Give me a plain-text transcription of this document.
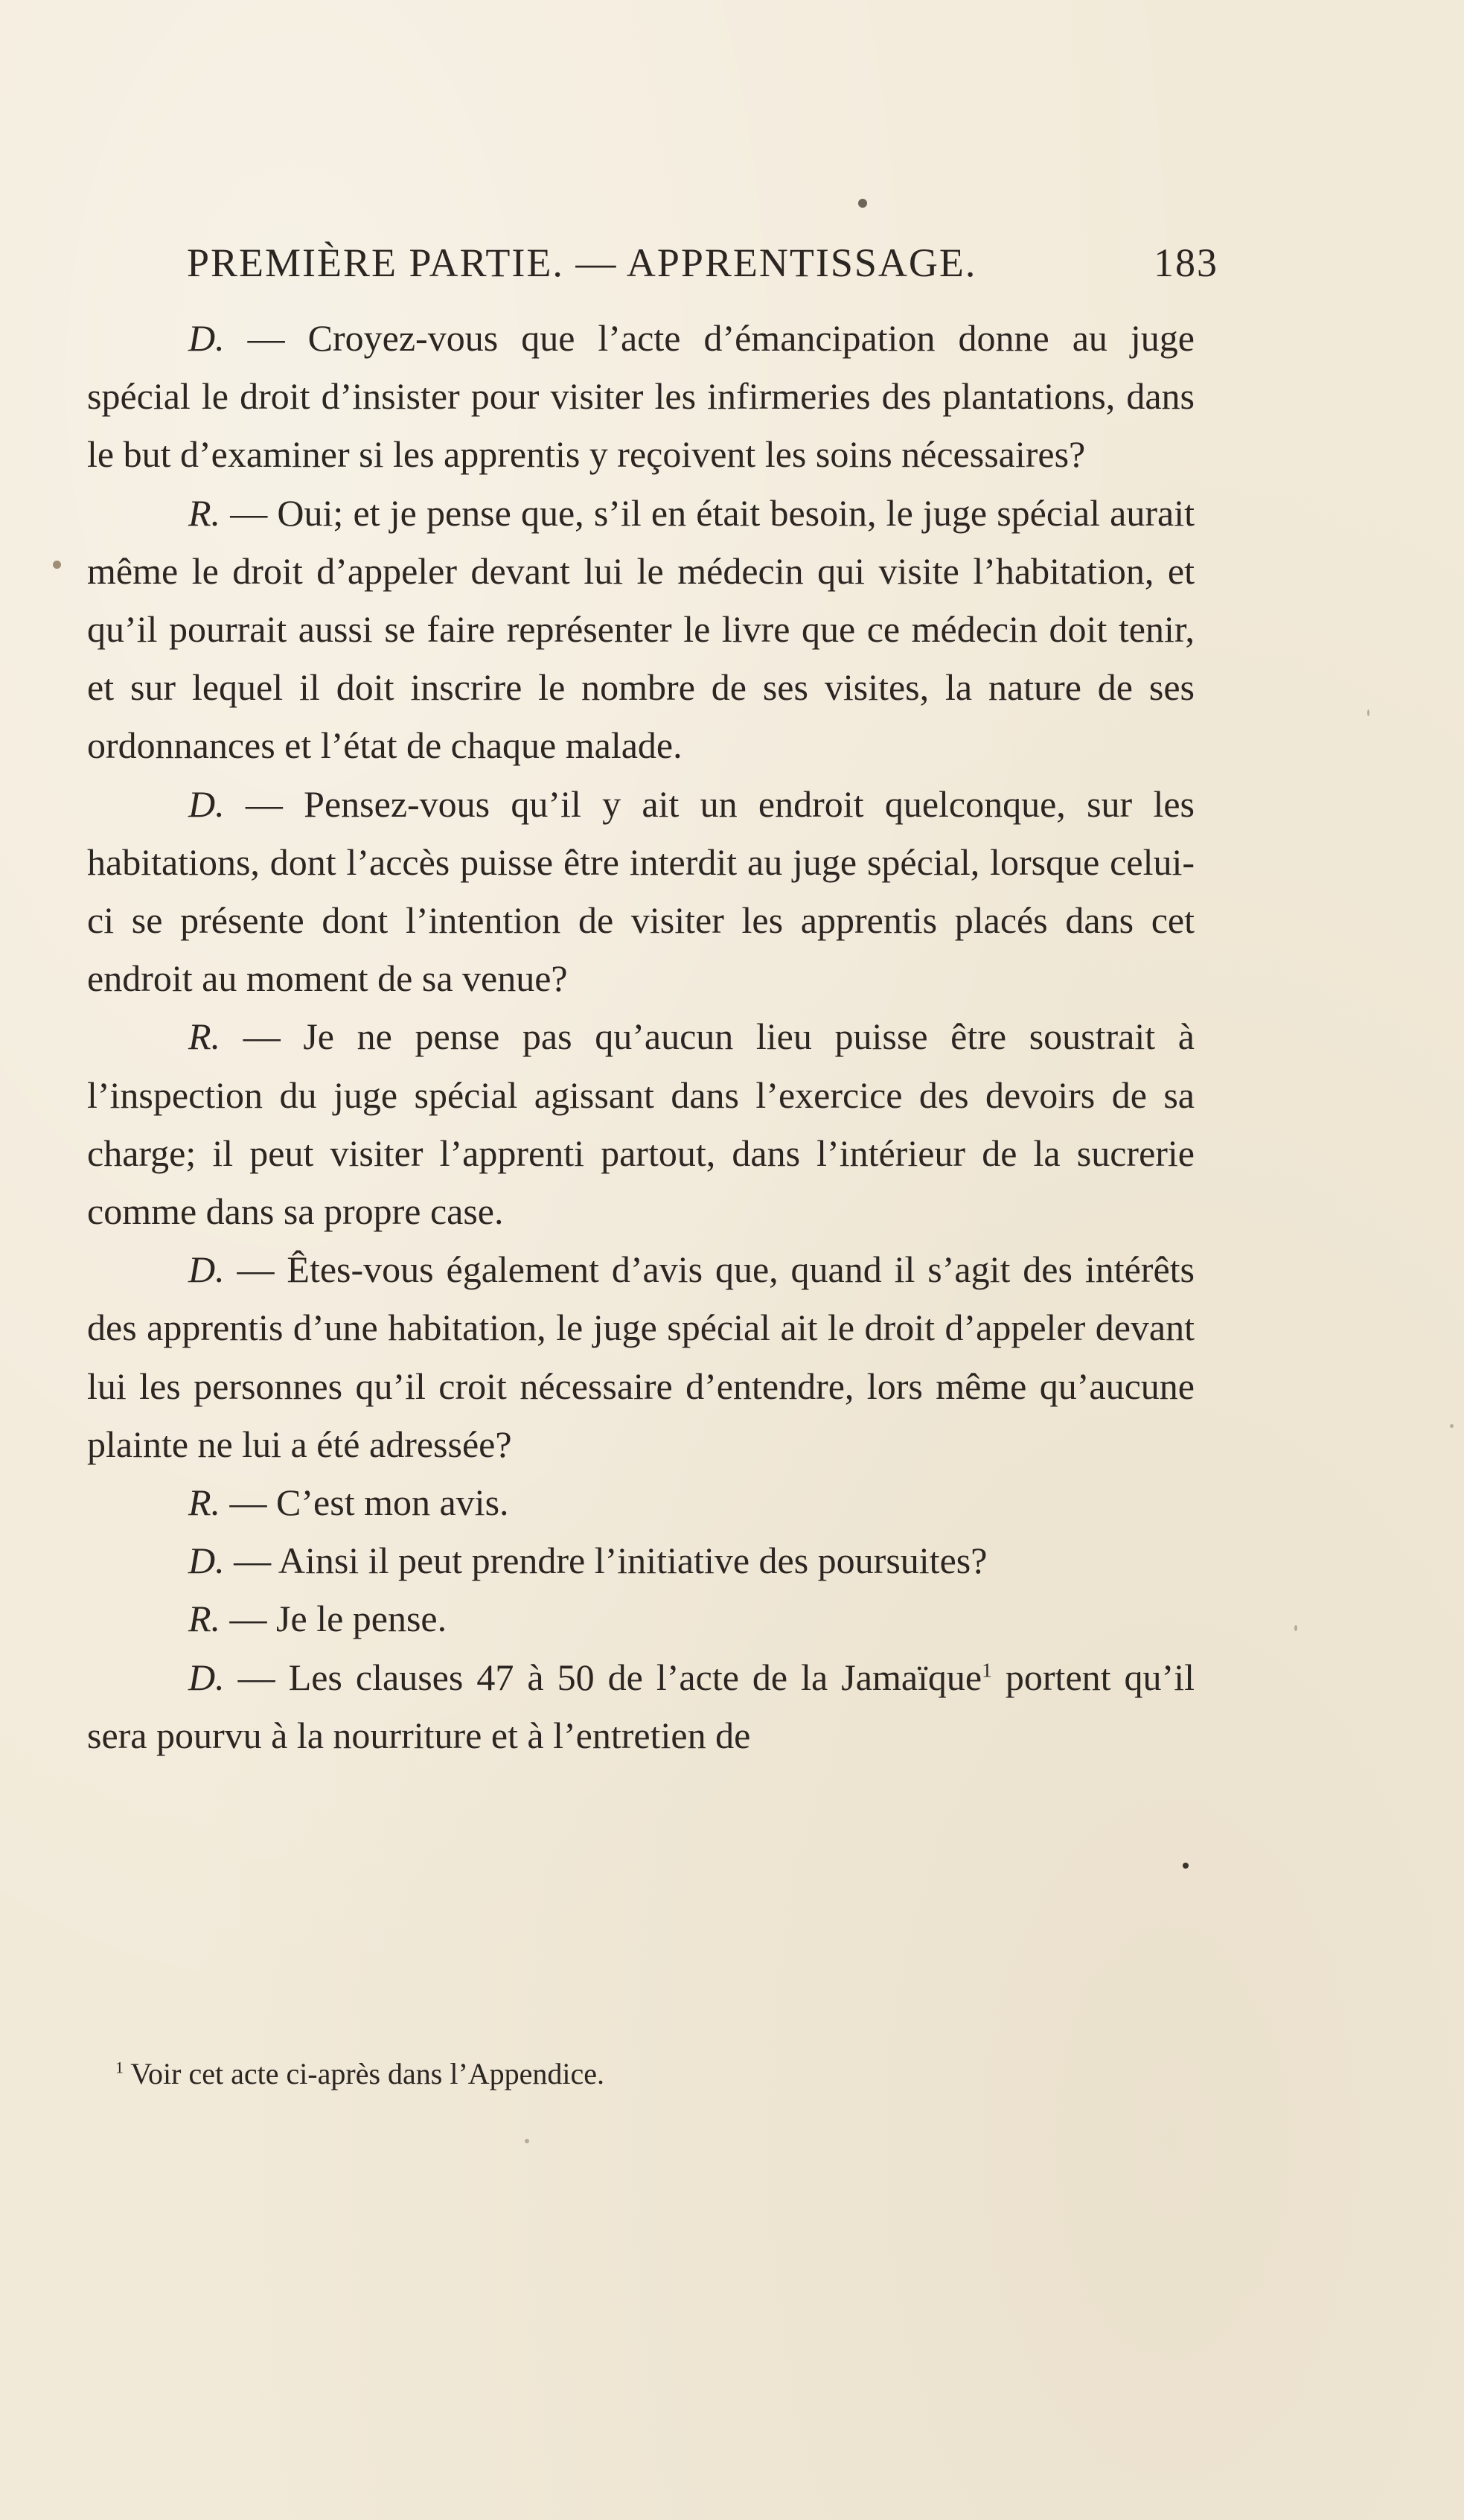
PREMIÈRE PARTIE. — APPRENTISSAGE.	183

D. — Croyez-vous que l’acte d’émancipation donne au juge spécial le droit d’insister pour visiter les infirmeries des plantations, dans le but d’examiner si les apprentis y reçoivent les soins nécessaires?

R. — Oui; et je pense que, s’il en était besoin, le juge spécial aurait même le droit d’appeler devant lui le médecin qui visite l’habitation, et qu’il pourrait aussi se faire représenter le livre que ce médecin doit tenir, et sur lequel il doit inscrire le nombre de ses visites, la nature de ses ordonnances et l’état de chaque malade.

D. — Pensez-vous qu’il y ait un endroit quelconque, sur les habitations, dont l’accès puisse être interdit au juge spécial, lorsque celui-ci se présente dont l’intention de visiter les apprentis placés dans cet endroit au moment de sa venue?

R. — Je ne pense pas qu’aucun lieu puisse être soustrait à l’inspection du juge spécial agissant dans l’exercice des devoirs de sa charge; il peut visiter l’apprenti partout, dans l’intérieur de la sucrerie comme dans sa propre case.

D. — Êtes-vous également d’avis que, quand il s’agit des intérêts des apprentis d’une habitation, le juge spécial ait le droit d’appeler devant lui les personnes qu’il croit nécessaire d’entendre, lors même qu’aucune plainte ne lui a été adressée?

R. — C’est mon avis.

D. — Ainsi il peut prendre l’initiative des poursuites?

R. — Je le pense.

D. — Les clauses 47 à 50 de l’acte de la Jamaïque$^1$ portent qu’il sera pourvu à la nourriture et à l’entretien de

$^1$ Voir cet acte ci-après dans l’Appendice.
